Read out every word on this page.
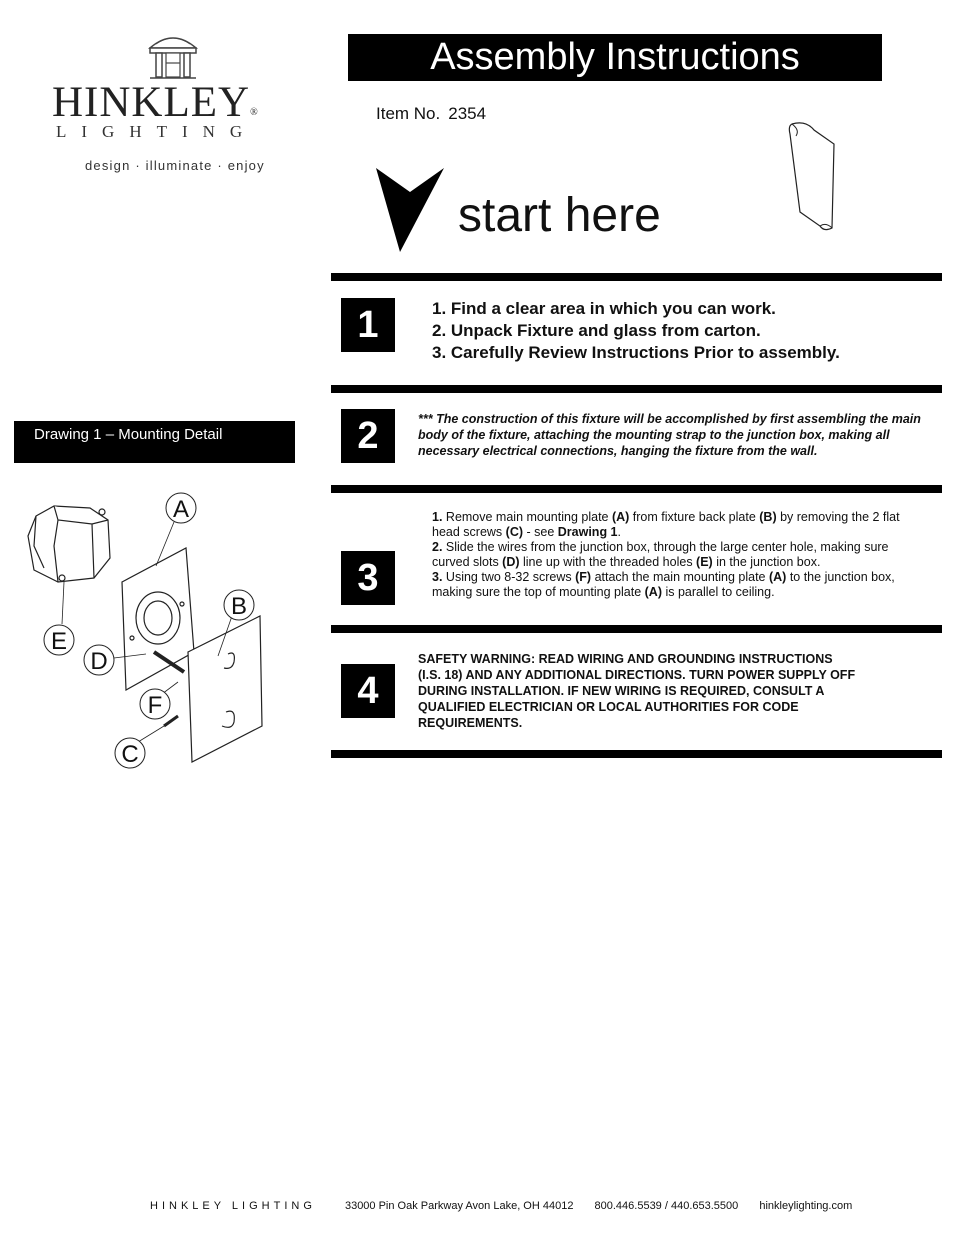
HINKLEY®
LIGHTING
design · illuminate · enjoy
Assembly Instructions
Item No. 2354
start here
1	1. Find a clear area in which you can work.
2. Unpack Fixture and glass from carton.
3. Carefully Review Instructions Prior to assembly.
2	*** The construction of this fixture will be accomplished by first assembling the main body of the fixture, attaching the mounting strap to the junction box, making all necessary electrical connections, hanging the fixture from the wall.
3
1. Remove main mounting plate (A) from fixture back plate (B) by removing the 2 flat head screws (C) - see Drawing 1.
2. Slide the wires from the junction box, through the large center hole, making sure curved slots (D) line up with the threaded holes (E) in the junction box.
3. Using two 8-32 screws (F) attach the main mounting plate (A) to the junction box, making sure the top of mounting plate (A) is parallel to ceiling.
4
SAFETY WARNING: READ WIRING AND GROUNDING INSTRUCTIONS (I.S. 18) AND ANY ADDITIONAL DIRECTIONS. TURN POWER SUPPLY OFF DURING INSTALLATION. IF NEW WIRING IS REQUIRED, CONSULT A QUALIFIED ELECTRICIAN OR LOCAL AUTHORITIES FOR CODE REQUIREMENTS.
Drawing 1 – Mounting Detail
A
B
E
D
F
C
HINKLEY LIGHTING	33000 Pin Oak Parkway Avon Lake, OH 44012 800.446.5539 / 440.653.5500 hinkleylighting.com
